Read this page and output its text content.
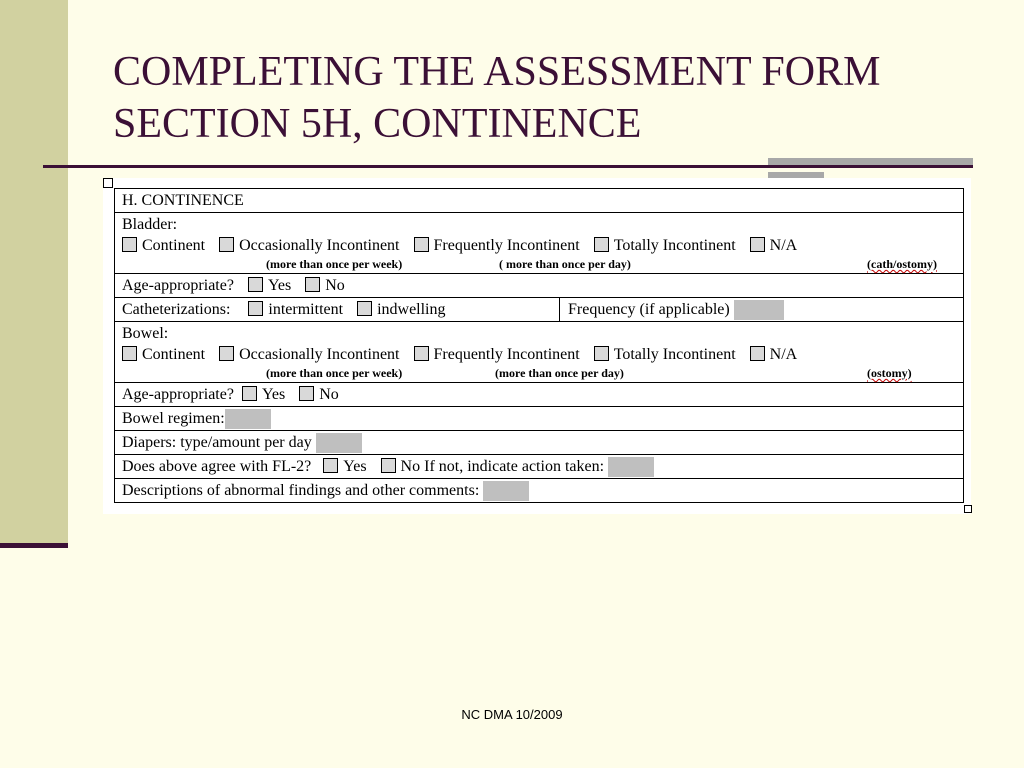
COMPLETING THE ASSESSMENT FORM
SECTION 5H, CONTINENCE
H. CONTINENCE

Bladder:
Continent Occasionally Incontinent Frequently Incontinent Totally Incontinent N/A
(more than once per week)	( more than once per day)	(cath/ostomy)

Age-appropriate? Yes No

Catheterizations: intermittent indwelling	Frequency (if applicable)

Bowel:
Continent Occasionally Incontinent Frequently Incontinent Totally Incontinent N/A
(more than once per week)	(more than once per day)	(ostomy)

Age-appropriate? Yes No

Bowel regimen:

Diapers: type/amount per day

Does above agree with FL-2? Yes No If not, indicate action taken:

Descriptions of abnormal findings and other comments:
NC DMA 10/2009
